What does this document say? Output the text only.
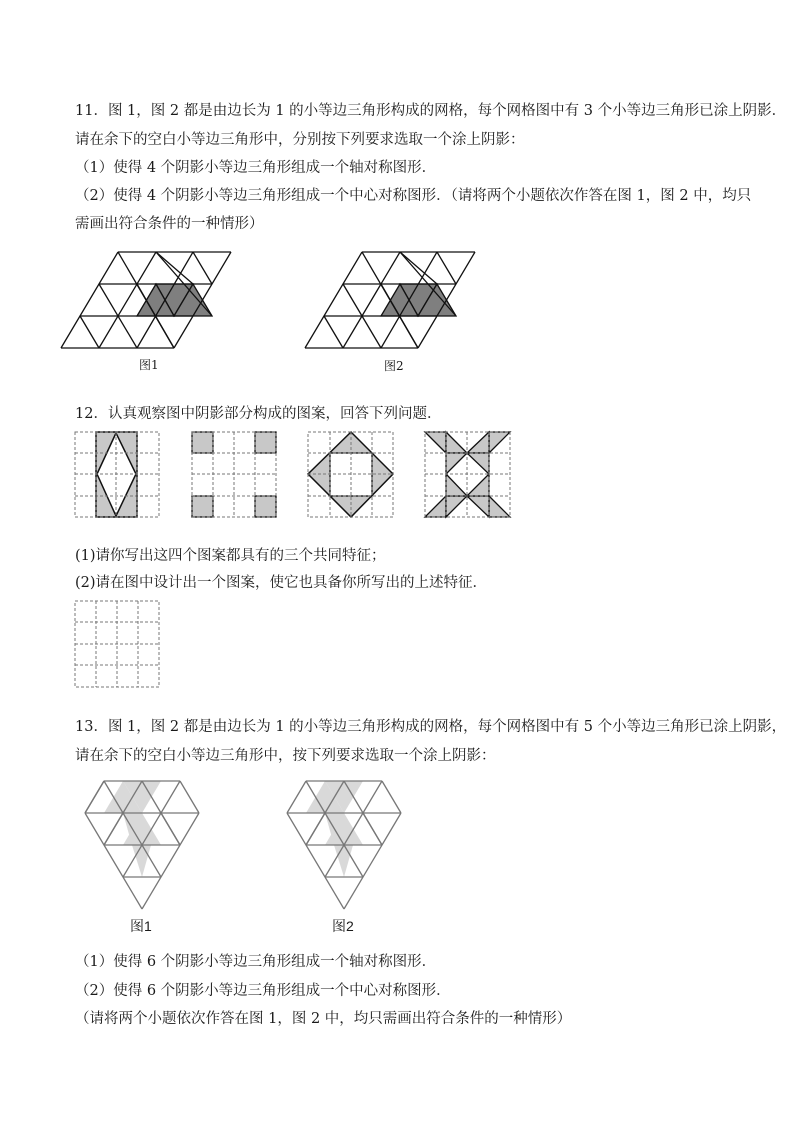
11．图 1，图 2 都是由边长为 1 的小等边三角形构成的网格，每个网格图中有 3 个小等边三角形已涂上阴影．
请在余下的空白小等边三角形中，分别按下列要求选取一个涂上阴影：
（1）使得 4 个阴影小等边三角形组成一个轴对称图形．
（2）使得 4 个阴影小等边三角形组成一个中心对称图形．（请将两个小题依次作答在图 1，图 2 中，均只
需画出符合条件的一种情形）
图1	图2
12．认真观察图中阴影部分构成的图案，回答下列问题．
(1)请你写出这四个图案都具有的三个共同特征；
(2)请在图中设计出一个图案，使它也具备你所写出的上述特征．
13．图 1，图 2 都是由边长为 1 的小等边三角形构成的网格，每个网格图中有 5 个小等边三角形已涂上阴影，
请在余下的空白小等边三角形中，按下列要求选取一个涂上阴影：
图1	图2
（1）使得 6 个阴影小等边三角形组成一个轴对称图形．
（2）使得 6 个阴影小等边三角形组成一个中心对称图形．
（请将两个小题依次作答在图 1，图 2 中，均只需画出符合条件的一种情形）
